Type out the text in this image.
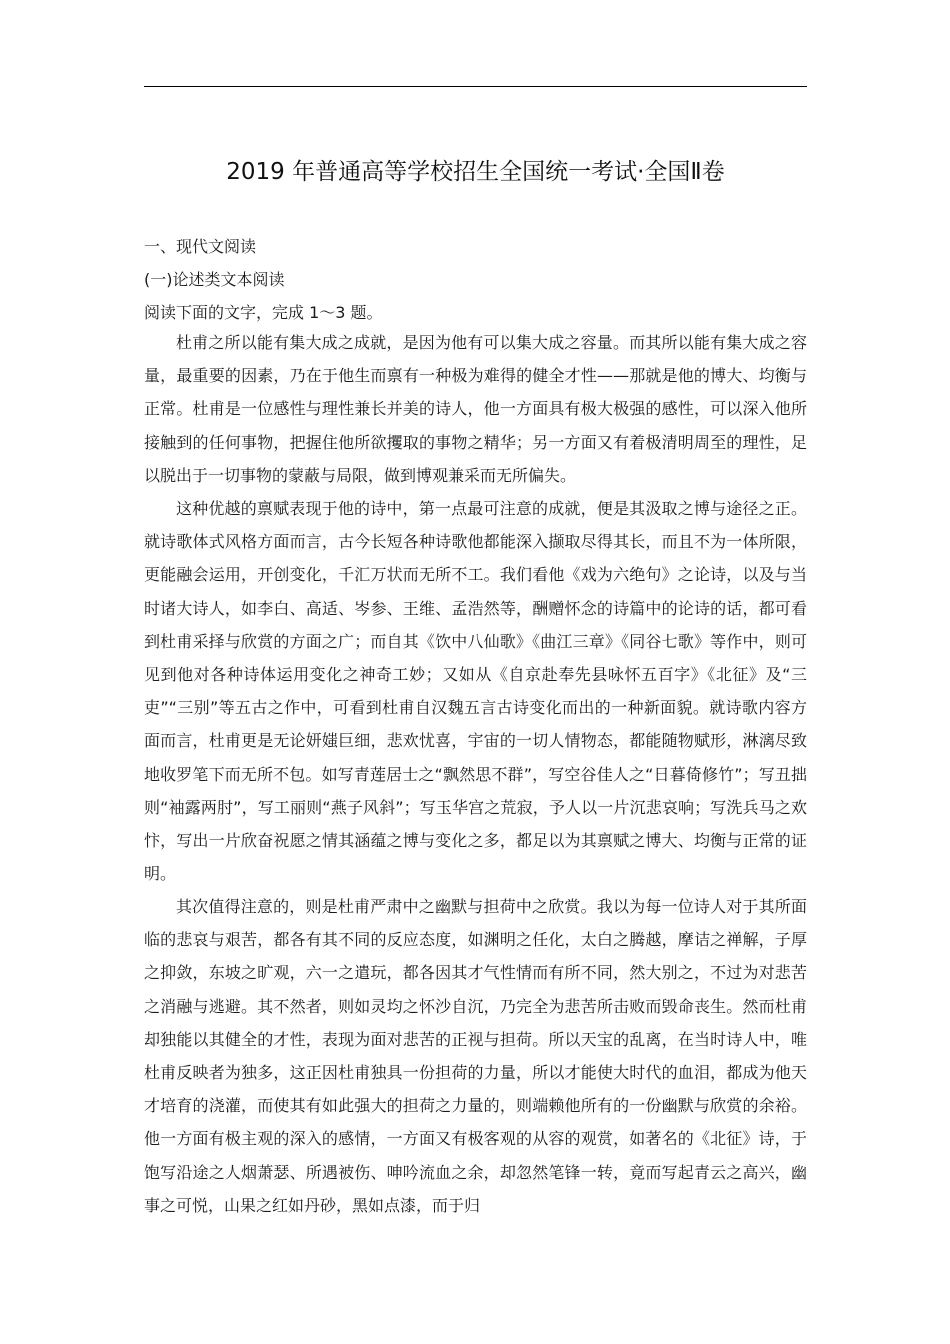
2019 年普通高等学校招生全国统一考试·全国Ⅱ卷
一、现代文阅读
(一)论述类文本阅读
阅读下面的文字，完成 1～3 题。
杜甫之所以能有集大成之成就，是因为他有可以集大成之容量。而其所以能有集大成之容量，最重要的因素，乃在于他生而禀有一种极为难得的健全才性——那就是他的博大、均衡与正常。杜甫是一位感性与理性兼长并美的诗人，他一方面具有极大极强的感性，可以深入他所接触到的任何事物，把握住他所欲攫取的事物之精华；另一方面又有着极清明周至的理性，足以脱出于一切事物的蒙蔽与局限，做到博观兼采而无所偏失。
这种优越的禀赋表现于他的诗中，第一点最可注意的成就，便是其汲取之博与途径之正。就诗歌体式风格方面而言，古今长短各种诗歌他都能深入撷取尽得其长，而且不为一体所限，更能融会运用，开创变化，千汇万状而无所不工。我们看他《戏为六绝句》之论诗，以及与当时诸大诗人，如李白、高适、岑参、王维、孟浩然等，酬赠怀念的诗篇中的论诗的话，都可看到杜甫采择与欣赏的方面之广；而自其《饮中八仙歌》《曲江三章》《同谷七歌》等作中，则可见到他对各种诗体运用变化之神奇工妙；又如从《自京赴奉先县咏怀五百字》《北征》及“三吏”“三别”等五古之作中，可看到杜甫自汉魏五言古诗变化而出的一种新面貌。就诗歌内容方面而言，杜甫更是无论妍媸巨细，悲欢忧喜，宇宙的一切人情物态，都能随物赋形，淋漓尽致地收罗笔下而无所不包。如写青莲居士之“飘然思不群”，写空谷佳人之“日暮倚修竹”；写丑拙则“袖露两肘”，写工丽则“燕子风斜”；写玉华宫之荒寂，予人以一片沉悲哀响；写洗兵马之欢忭，写出一片欣奋祝愿之情其涵蕴之博与变化之多，都足以为其禀赋之博大、均衡与正常的证明。
其次值得注意的，则是杜甫严肃中之幽默与担荷中之欣赏。我以为每一位诗人对于其所面临的悲哀与艰苦，都各有其不同的反应态度，如渊明之任化，太白之腾越，摩诘之禅解，子厚之抑敛，东坡之旷观，六一之遣玩，都各因其才气性情而有所不同，然大别之，不过为对悲苦之消融与逃避。其不然者，则如灵均之怀沙自沉，乃完全为悲苦所击败而毁命丧生。然而杜甫却独能以其健全的才性，表现为面对悲苦的正视与担荷。所以天宝的乱离，在当时诗人中，唯杜甫反映者为独多，这正因杜甫独具一份担荷的力量，所以才能使大时代的血泪，都成为他天才培育的浇灌，而使其有如此强大的担荷之力量的，则端赖他所有的一份幽默与欣赏的余裕。他一方面有极主观的深入的感情，一方面又有极客观的从容的观赏，如著名的《北征》诗，于饱写沿途之人烟萧瑟、所遇被伤、呻吟流血之余，却忽然笔锋一转，竟而写起青云之高兴，幽事之可悦，山果之红如丹砂，黑如点漆，而于归
